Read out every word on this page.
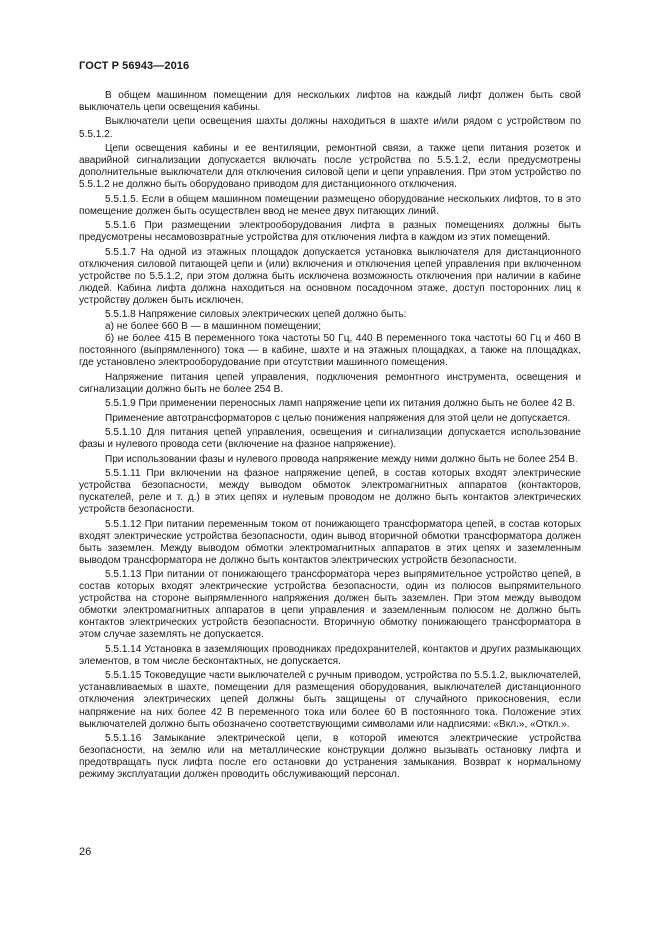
ГОСТ Р 56943—2016

В общем машинном помещении для нескольких лифтов на каждый лифт должен быть свой выключатель цепи освещения кабины.

Выключатели цепи освещения шахты должны находиться в шахте и/или рядом с устройством по 5.5.1.2.

Цепи освещения кабины и ее вентиляции, ремонтной связи, а также цепи питания розеток и аварийной сигнализации допускается включать после устройства по 5.5.1.2, если предусмотрены дополнительные выключатели для отключения силовой цепи и цепи управления. При этом устройство по 5.5.1.2 не должно быть оборудовано приводом для дистанционного отключения.

5.5.1.5. Если в общем машинном помещении размещено оборудование нескольких лифтов, то в это помещение должен быть осуществлен ввод не менее двух питающих линий.

5.5.1.6 При размещении электрооборудования лифта в разных помещениях должны быть предусмотрены несамовозвратные устройства для отключения лифта в каждом из этих помещений.

5.5.1.7 На одной из этажных площадок допускается установка выключателя для дистанционного отключения силовой питающей цепи и (или) включения и отключения цепей управления при включенном устройстве по 5.5.1.2, при этом должна быть исключена возможность отключения при наличии в кабине людей. Кабина лифта должна находиться на основном посадочном этаже, доступ посторонних лиц к устройству должен быть исключен.

5.5.1.8 Напряжение силовых электрических цепей должно быть:

а) не более 660 В — в машинном помещении;

б) не более 415 В переменного тока частоты 50 Гц, 440 В переменного тока частоты 60 Гц и 460 В постоянного (выпрямленного) тока — в кабине, шахте и на этажных площадках, а также на площадках, где установлено электрооборудование при отсутствии машинного помещения.

Напряжение питания цепей управления, подключения ремонтного инструмента, освещения и сигнализации должно быть не более 254 В.

5.5.1.9 При применении переносных ламп напряжение цепи их питания должно быть не более 42 В.

Применение автотрансформаторов с целью понижения напряжения для этой цели не допускается.

5.5.1.10 Для питания цепей управления, освещения и сигнализации допускается использование фазы и нулевого провода сети (включение на фазное напряжение).

При использовании фазы и нулевого провода напряжение между ними должно быть не более 254 В.

5.5.1.11 При включении на фазное напряжение цепей, в состав которых входят электрические устройства безопасности, между выводом обмоток электромагнитных аппаратов (контакторов, пускателей, реле и т. д.) в этих цепях и нулевым проводом не должно быть контактов электрических устройств безопасности.

5.5.1.12 При питании переменным током от понижающего трансформатора цепей, в состав которых входят электрические устройства безопасности, один вывод вторичной обмотки трансформатора должен быть заземлен. Между выводом обмотки электромагнитных аппаратов в этих цепях и заземленным выводом трансформатора не должно быть контактов электрических устройств безопасности.

5.5.1.13 При питании от понижающего трансформатора через выпрямительное устройство цепей, в состав которых входят электрические устройства безопасности, один из полюсов выпрямительного устройства на стороне выпрямленного напряжения должен быть заземлен. При этом между выводом обмотки электромагнитных аппаратов в цепи управления и заземленным полюсом не должно быть контактов электрических устройств безопасности. Вторичную обмотку понижающего трансформатора в этом случае заземлять не допускается.

5.5.1.14 Установка в заземляющих проводниках предохранителей, контактов и других размыкающих элементов, в том числе бесконтактных, не допускается.

5.5.1.15 Токоведущие части выключателей с ручным приводом, устройства по 5.5.1.2, выключателей, устанавливаемых в шахте, помещении для размещения оборудования, выключателей дистанционного отключения электрических цепей должны быть защищены от случайного прикосновения, если напряжение на них более 42 В переменного тока или более 60 В постоянного тока. Положение этих выключателей должно быть обозначено соответствующими символами или надписями: «Вкл.», «Откл.».

5.5.1.16 Замыкание электрической цепи, в которой имеются электрические устройства безопасности, на землю или на металлические конструкции должно вызывать остановку лифта и предотвращать пуск лифта после его остановки до устранения замыкания. Возврат к нормальному режиму эксплуатации должен проводить обслуживающий персонал.

26
